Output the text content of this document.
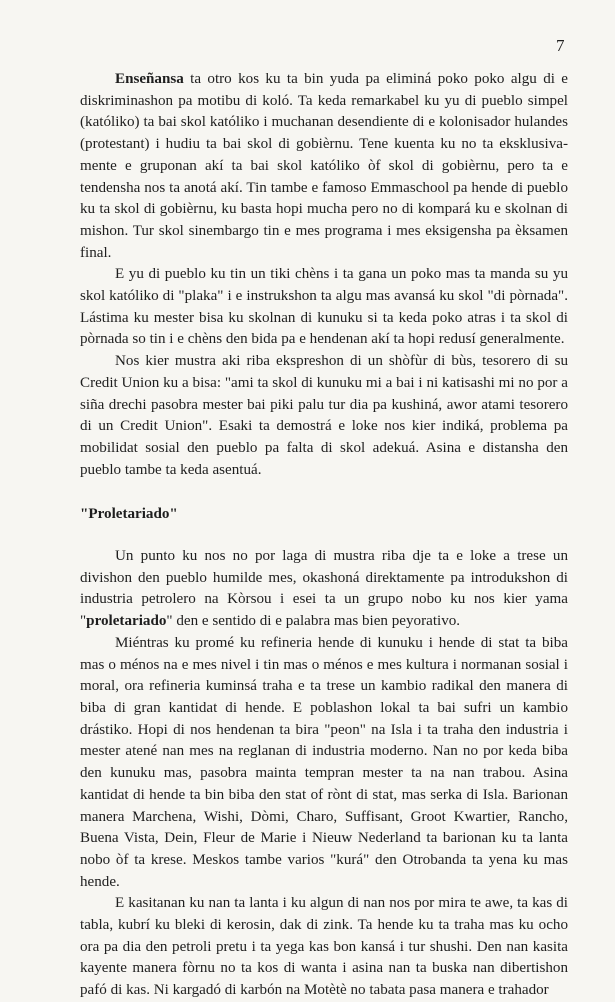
7

Enseñansa ta otro kos ku ta bin yuda pa eliminá poko poko algu di e diskriminashon pa motibu di koló. Ta keda remarkabel ku yu di pueblo simpel (katóliko) ta bai skol katóliko i muchanan desendiente di e kolonisador hulandes (protestant) i hudiu ta bai skol di gobièrnu. Tene kuenta ku no ta eksklusiva-mente e gruponan akí ta bai skol katóliko òf skol di gobièrnu, pero ta e tendensha nos ta anotá akí. Tin tambe e famoso Emmaschool pa hende di pueblo ku ta skol di gobièrnu, ku basta hopi mucha pero no di kompará ku e skolnan di mishon. Tur skol sinembargo tin e mes programa i mes eksigensha pa èksamen final.

E yu di pueblo ku tin un tiki chèns i ta gana un poko mas ta manda su yu skol katóliko di "plaka" i e instrukshon ta algu mas avansá ku skol "di pòrnada". Lástima ku mester bisa ku skolnan di kunuku si ta keda poko atras i ta skol di pòrnada so tin i e chèns den bida pa e hendenan akí ta hopi redusí generalmente.

Nos kier mustra aki riba ekspreshon di un shòfùr di bùs, tesorero di su Credit Union ku a bisa: "ami ta skol di kunuku mi a bai i ni katisashi mi no por a siña drechi pasobra mester bai piki palu tur dia pa kushiná, awor atami tesorero di un Credit Union". Esaki ta demostrá e loke nos kier indiká, problema pa mobilidat sosial den pueblo pa falta di skol adekuá. Asina e distansha den pueblo tambe ta keda asentuá.

"Proletariado"

Un punto ku nos no por laga di mustra riba dje ta e loke a trese un divishon den pueblo humilde mes, okashoná direktamente pa introdukshon di industria petrolero na Kòrsou i esei ta un grupo nobo ku nos kier yama "proletariado" den e sentido di e palabra mas bien peyorativo.

Miéntras ku promé ku refineria hende di kunuku i hende di stat ta biba mas o ménos na e mes nivel i tin mas o ménos e mes kultura i normanan sosial i moral, ora refineria kuminsá traha e ta trese un kambio radikal den manera di biba di gran kantidat di hende. E poblashon lokal ta bai sufri un kambio drástiko. Hopi di nos hendenan ta bira "peon" na Isla i ta traha den industria i mester atené nan mes na reglanan di industria moderno. Nan no por keda biba den kunuku mas, pasobra mainta tempran mester ta na nan trabou. Asina kantidat di hende ta bin biba den stat of rònt di stat, mas serka di Isla. Barionan manera Marchena, Wishi, Dòmi, Charo, Suffisant, Groot Kwartier, Rancho, Buena Vista, Dein, Fleur de Marie i Nieuw Nederland ta barionan ku ta lanta nobo òf ta krese. Meskos tambe varios "kurá" den Otrobanda ta yena ku mas hende.

E kasitanan ku nan ta lanta i ku algun di nan nos por mira te awe, ta kas di tabla, kubrí ku bleki di kerosin, dak di zink. Ta hende ku ta traha mas ku ocho ora pa dia den petroli pretu i ta yega kas bon kansá i tur shushi. Den nan kasita kayente manera fòrnu no ta kos di wanta i asina nan ta buska nan dibertishon pafó di kas. Ni kargadó di karbón na Motètè no tabata pasa manera e trahador
